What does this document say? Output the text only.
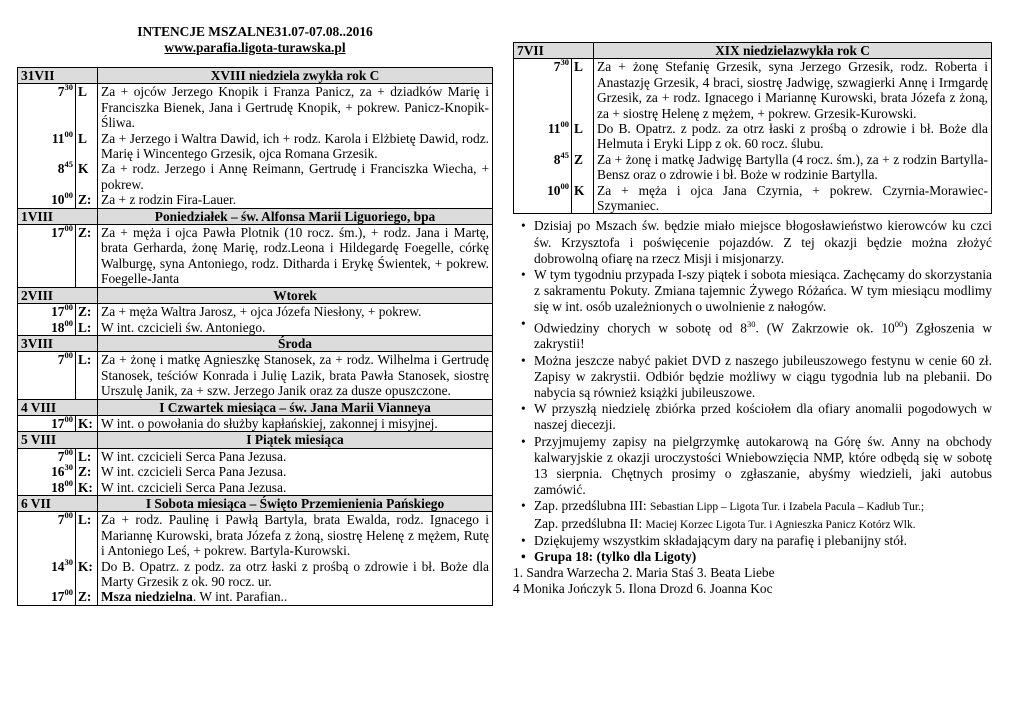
INTENCJE MSZALNE31.07-07.08..2016
www.parafia.ligota-turawska.pl
31VII		XVIII niedziela zwykła rok C
$7^{30}$	L	Za + ojców Jerzego Knopik i Franza Panicz, za + dziadków Marię i Franciszka Bienek, Jana i Gertrudę Knopik, + pokrew. Panicz-Knopik-Śliwa.
$11^{00}$	L	Za + Jerzego i Waltra Dawid, ich + rodz. Karola i Elżbietę Dawid, rodz. Marię i Wincentego Grzesik, ojca Romana Grzesik.
$8^{45}$	K	Za + rodz. Jerzego i Annę Reimann, Gertrudę i Franciszka Wiecha, + pokrew.
$10^{00}$	Z:	Za + z rodzin Fira-Lauer.
1VIII		Poniedziałek – św. Alfonsa Marii Liguoriego, bpa
$17^{00}$	Z:	Za + męża i ojca Pawła Plotnik (10 rocz. śm.), + rodz. Jana i Martę, brata Gerharda, żonę Marię, rodz.Leona i Hildegardę Foegelle, córkę Walburgę, syna Antoniego, rodz. Ditharda i Erykę Świentek, + pokrew. Foegelle-Janta
2VIII		Wtorek
$17^{00}$	Z:	Za + męża Waltra Jarosz, + ojca Józefa Niesłony, + pokrew.
$18^{00}$	L:	W int. czcicieli św. Antoniego.
3VIII		Środa
$7^{00}$	L:	Za + żonę i matkę Agnieszkę Stanosek, za + rodz. Wilhelma i Gertrudę Stanosek, teściów Konrada i Julię Lazik, brata Pawła Stanosek, siostrę Urszulę Janik, za + szw. Jerzego Janik oraz za dusze opuszczone.
4 VIII		I Czwartek miesiąca – św. Jana Marii Vianneya
$17^{00}$	K:	W int. o powołania do służby kapłańskiej, zakonnej i misyjnej.
5 VIII		I Piątek miesiąca
$7^{00}$	L:	W int. czcicieli Serca Pana Jezusa.
$16^{30}$	Z:	W int. czcicieli Serca Pana Jezusa.
$18^{00}$	K:	W int. czcicieli Serca Pana Jezusa.
6 VII		I Sobota miesiąca – Święto Przemienienia Pańskiego
$7^{00}$	L:	Za + rodz. Paulinę i Pawłą Bartyla, brata Ewalda, rodz. Ignacego i Mariannę Kurowski, brata Józefa z żoną, siostrę Helenę z mężem, Rutę i Antoniego Leś, + pokrew. Bartyla-Kurowski.
$14^{30}$	K:	Do B. Opatrz. z podz. za otrz łaski z prośbą o zdrowie i bł. Boże dla Marty Grzesik z ok. 90 rocz. ur.
$17^{00}$	Z:	Msza niedzielna. W int. Parafian..
7VII		XIX niedzielazwykła rok C
$7^{30}$	L	Za + żonę Stefanię Grzesik, syna Jerzego Grzesik, rodz. Roberta i Anastazję Grzesik, 4 braci, siostrę Jadwigę, szwagierki Annę i Irmgardę Grzesik, za + rodz. Ignacego i Mariannę Kurowski, brata Józefa z żoną, za + siostrę Helenę z mężem, + pokrew. Grzesik-Kurowski.
$11^{00}$	L	Do B. Opatrz. z podz. za otrz łaski z prośbą o zdrowie i bł. Boże dla Helmuta i Eryki Lipp z ok. 60 rocz. ślubu.
$8^{45}$	Z	Za + żonę i matkę Jadwigę Bartylla (4 rocz. śm.), za + z rodzin Bartylla-Bensz oraz o zdrowie i bł. Boże w rodzinie Bartylla.
$10^{00}$	K	Za + męża i ojca Jana Czyrnia, + pokrew. Czyrnia-Morawiec-Szymaniec.
• Dzisiaj po Mszach św. będzie miało miejsce błogosławieństwo kierowców ku czci św. Krzysztofa i poświęcenie pojazdów. Z tej okazji będzie można złożyć dobrowolną ofiarę na rzecz Misji i misjonarzy.
• W tym tygodniu przypada I-szy piątek i sobota miesiąca. Zachęcamy do skorzystania z sakramentu Pokuty. Zmiana tajemnic Żywego Różańca. W tym miesiącu modlimy się w int. osób uzależnionych o uwolnienie z nałogów.
• Odwiedziny chorych w sobotę od $8^{30}$. (W Zakrzowie ok. $10^{00}$) Zgłoszenia w zakrystii!
• Można jeszcze nabyć pakiet DVD z naszego jubileuszowego festynu w cenie 60 zł. Zapisy w zakrystii. Odbiór będzie możliwy w ciągu tygodnia lub na plebanii. Do nabycia są również książki jubileuszowe.
• W przyszłą niedzielę zbiórka przed kościołem dla ofiary anomalii pogodowych w naszej diecezji.
• Przyjmujemy zapisy na pielgrzymkę autokarową na Górę św. Anny na obchody kalwaryjskie z okazji uroczystości Wniebowzięcia NMP, które odbędą się w sobotę 13 sierpnia. Chętnych prosimy o zgłaszanie, abyśmy wiedzieli, jaki autobus zamówić.
• Zap. przedślubna III: Sebastian Lipp – Ligota Tur. i Izabela Pacula – Kadłub Tur.;
Zap. przedślubna II: Maciej Korzec Ligota Tur. i Agnieszka Panicz Kotórz Wlk.
• Dziękujemy wszystkim składającym dary na parafię i plebanijny stół.
• Grupa 18: (tylko dla Ligoty)
1. Sandra Warzecha 2. Maria Staś 3. Beata Liebe
4 Monika Jończyk 5. Ilona Drozd 6. Joanna Koc
